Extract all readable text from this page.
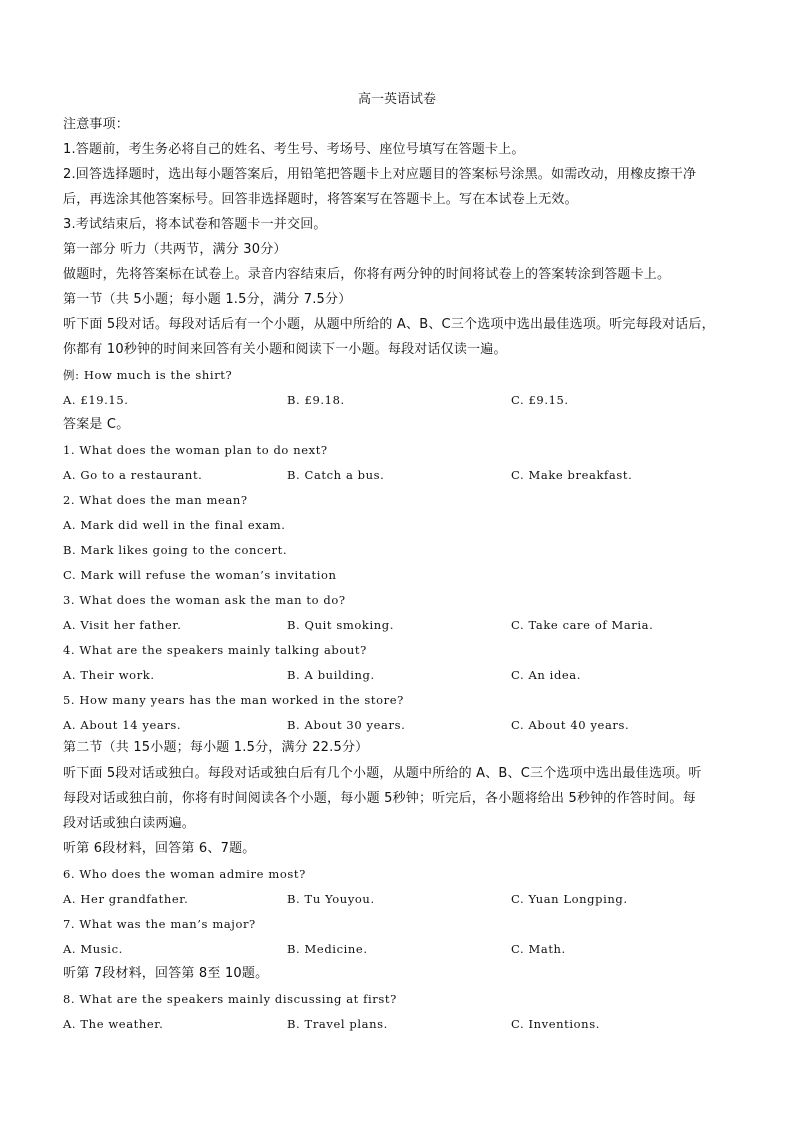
高一英语试卷
注意事项：
1.答题前，考生务必将自己的姓名、考生号、考场号、座位号填写在答题卡上。
2.回答选择题时，选出每小题答案后，用铅笔把答题卡上对应题目的答案标号涂黑。如需改动，用橡皮擦干净
后，再选涂其他答案标号。回答非选择题时，将答案写在答题卡上。写在本试卷上无效。
3.考试结束后，将本试卷和答题卡一并交回。
第一部分 听力（共两节，满分 30分）
做题时，先将答案标在试卷上。录音内容结束后，你将有两分钟的时间将试卷上的答案转涂到答题卡上。
第一节（共 5小题；每小题 1.5分，满分 7.5分）
听下面 5段对话。每段对话后有一个小题，从题中所给的 A、B、C三个选项中选出最佳选项。听完每段对话后，
你都有 10秒钟的时间来回答有关小题和阅读下一小题。每段对话仅读一遍。
例: How much is the shirt?
A. £19.15.	B. £9.18.	C. £9.15.
答案是 C。
1. What does the woman plan to do next?
A. Go to a restaurant.	B. Catch a bus.	C. Make breakfast.
2. What does the man mean?
A. Mark did well in the final exam.
B. Mark likes going to the concert.
C. Mark will refuse the woman’s invitation
3. What does the woman ask the man to do?
A. Visit her father.	B. Quit smoking.	C. Take care of Maria.
4. What are the speakers mainly talking about?
A. Their work.	B. A building.	C. An idea.
5. How many years has the man worked in the store?
A. About 14 years.	B. About 30 years.	C. About 40 years.
第二节（共 15小题；每小题 1.5分，满分 22.5分）
听下面 5段对话或独白。每段对话或独白后有几个小题，从题中所给的 A、B、C三个选项中选出最佳选项。听
每段对话或独白前，你将有时间阅读各个小题，每小题 5秒钟；听完后，各小题将给出 5秒钟的作答时间。每
段对话或独白读两遍。
听第 6段材料，回答第 6、7题。
6. Who does the woman admire most?
A. Her grandfather.	B. Tu Youyou.	C. Yuan Longping.
7. What was the man’s major?
A. Music.	B. Medicine.	C. Math.
听第 7段材料，回答第 8至 10题。
8. What are the speakers mainly discussing at first?
A. The weather.	B. Travel plans.	C. Inventions.
